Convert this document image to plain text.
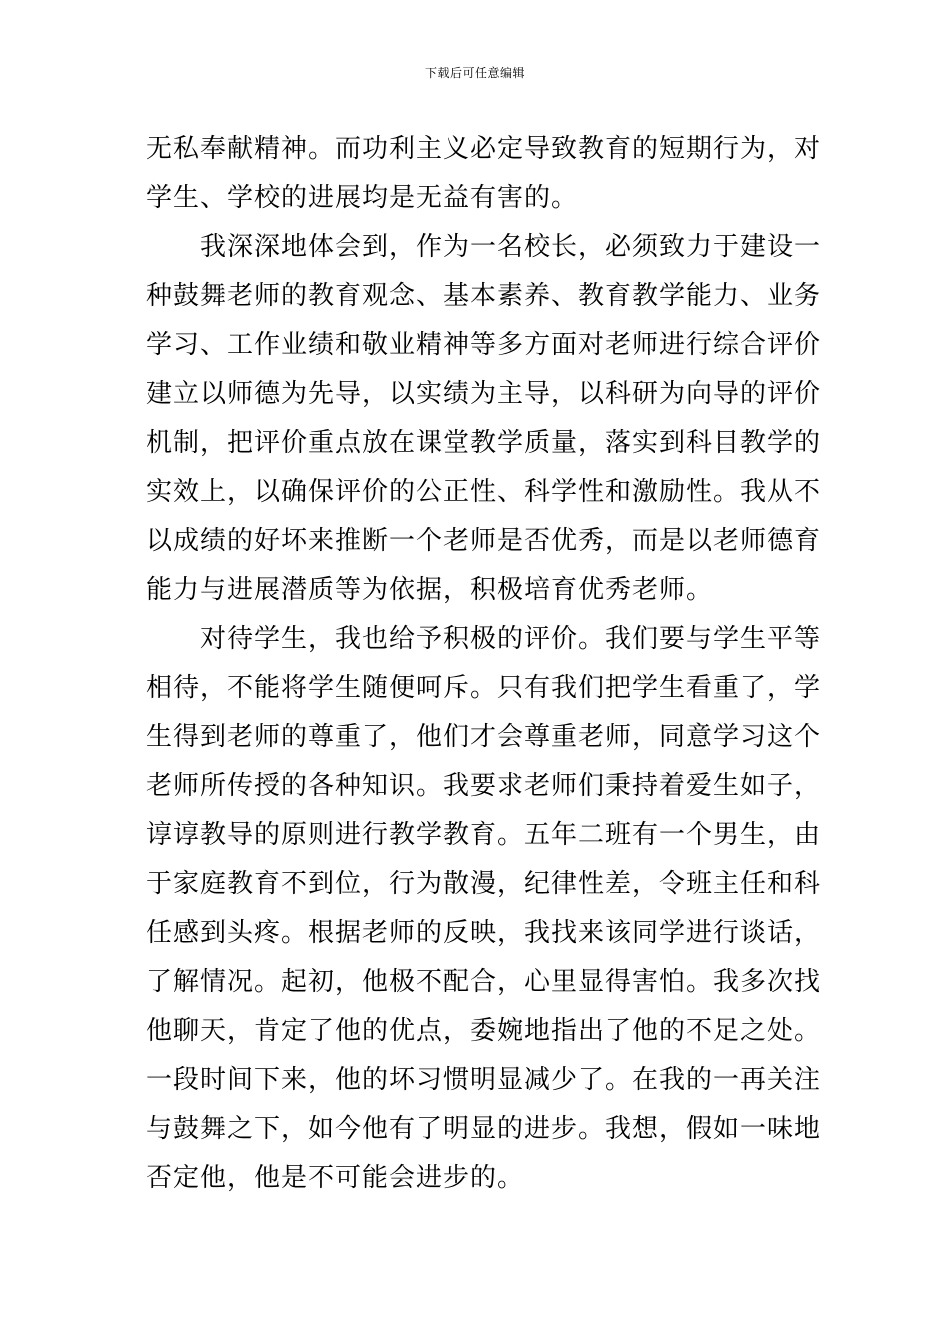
下载后可任意编辑
无私奉献精神。而功利主义必定导致教育的短期行为，对
学生、学校的进展均是无益有害的。
　　我深深地体会到，作为一名校长，必须致力于建设一
种鼓舞老师的教育观念、基本素养、教育教学能力、业务
学习、工作业绩和敬业精神等多方面对老师进行综合评价
建立以师德为先导，以实绩为主导，以科研为向导的评价
机制，把评价重点放在课堂教学质量，落实到科目教学的
实效上，以确保评价的公正性、科学性和激励性。我从不
以成绩的好坏来推断一个老师是否优秀，而是以老师德育
能力与进展潜质等为依据，积极培育优秀老师。
　　对待学生，我也给予积极的评价。我们要与学生平等
相待，不能将学生随便呵斥。只有我们把学生看重了，学
生得到老师的尊重了，他们才会尊重老师，同意学习这个
老师所传授的各种知识。我要求老师们秉持着爱生如子，
谆谆教导的原则进行教学教育。五年二班有一个男生，由
于家庭教育不到位，行为散漫，纪律性差，令班主任和科
任感到头疼。根据老师的反映，我找来该同学进行谈话，
了解情况。起初，他极不配合，心里显得害怕。我多次找
他聊天，肯定了他的优点，委婉地指出了他的不足之处。
一段时间下来，他的坏习惯明显减少了。在我的一再关注
与鼓舞之下，如今他有了明显的进步。我想，假如一味地
否定他，他是不可能会进步的。
